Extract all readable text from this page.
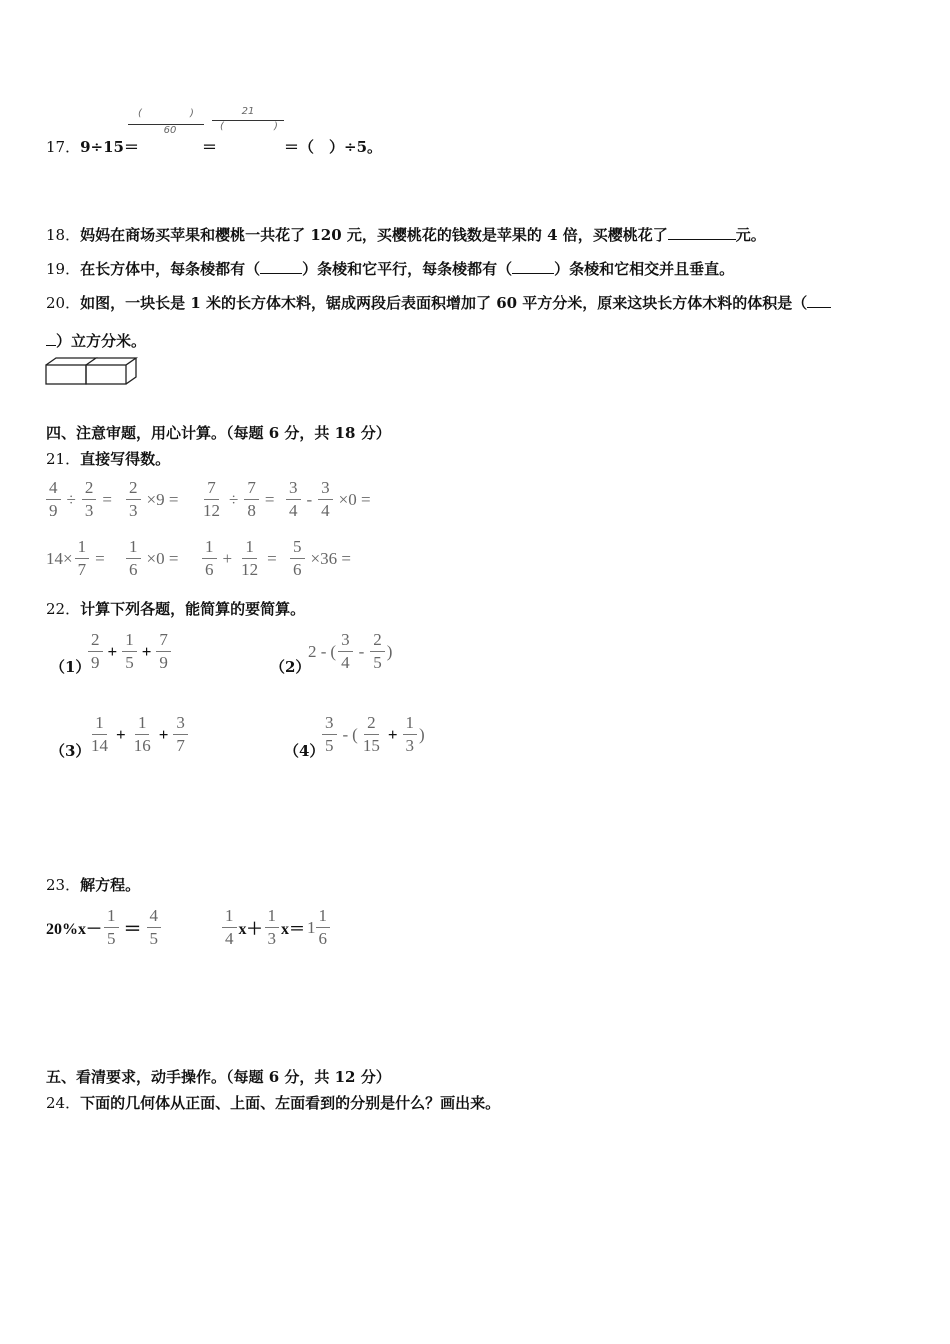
17．9÷15＝
(	)
60
＝
21
(	)
＝（　）÷5。
18．妈妈在商场买苹果和樱桃一共花了 120 元，买樱桃花的钱数是苹果的 4 倍，买樱桃花了	元。
19．在长方体中，每条棱都有（	）条棱和它平行，每条棱都有（	）条棱和它相交并且垂直。
20．如图，一块长是 1 米的长方体木料，锯成两段后表面积增加了 60 平方分米，原来这块长方体木料的体积是（
）立方分米。
四、注意审题，用心计算。（每题 6 分，共 18 分）
21．直接写得数。
$\frac{4}{9} \div \frac{2}{3} = \frac{2}{3} \times 9 = \frac{7}{12} \div \frac{7}{8} = \frac{3}{4} - \frac{3}{4} \times 0$ =
$14\times \frac{1}{7} = \frac{1}{6} \times 0 = \frac{1}{6} + \frac{1}{12} = \frac{5}{6} \times 36$ =
22．计算下列各题，能简算的要简算。
（1）
$\frac{2}{9} + \frac{1}{5} + \frac{7}{9}$	（2）
2 - ( $\frac{3}{4} - \frac{2}{5}$ )
（3）
$\frac{1}{14} + \frac{1}{16} + \frac{3}{7}$	（4）
$\frac{3}{5}$ - ( $\frac{2}{15} + \frac{1}{3}$ )
23．解方程。
$20\%x- \frac{1}{5} = \frac{4}{5}$	$\frac{1}{4} x+ \frac{1}{3} x= 1 \frac{1}{6}$
五、看清要求，动手操作。（每题 6 分，共 12 分）
24．下面的几何体从正面、上面、左面看到的分别是什么？画出来。
